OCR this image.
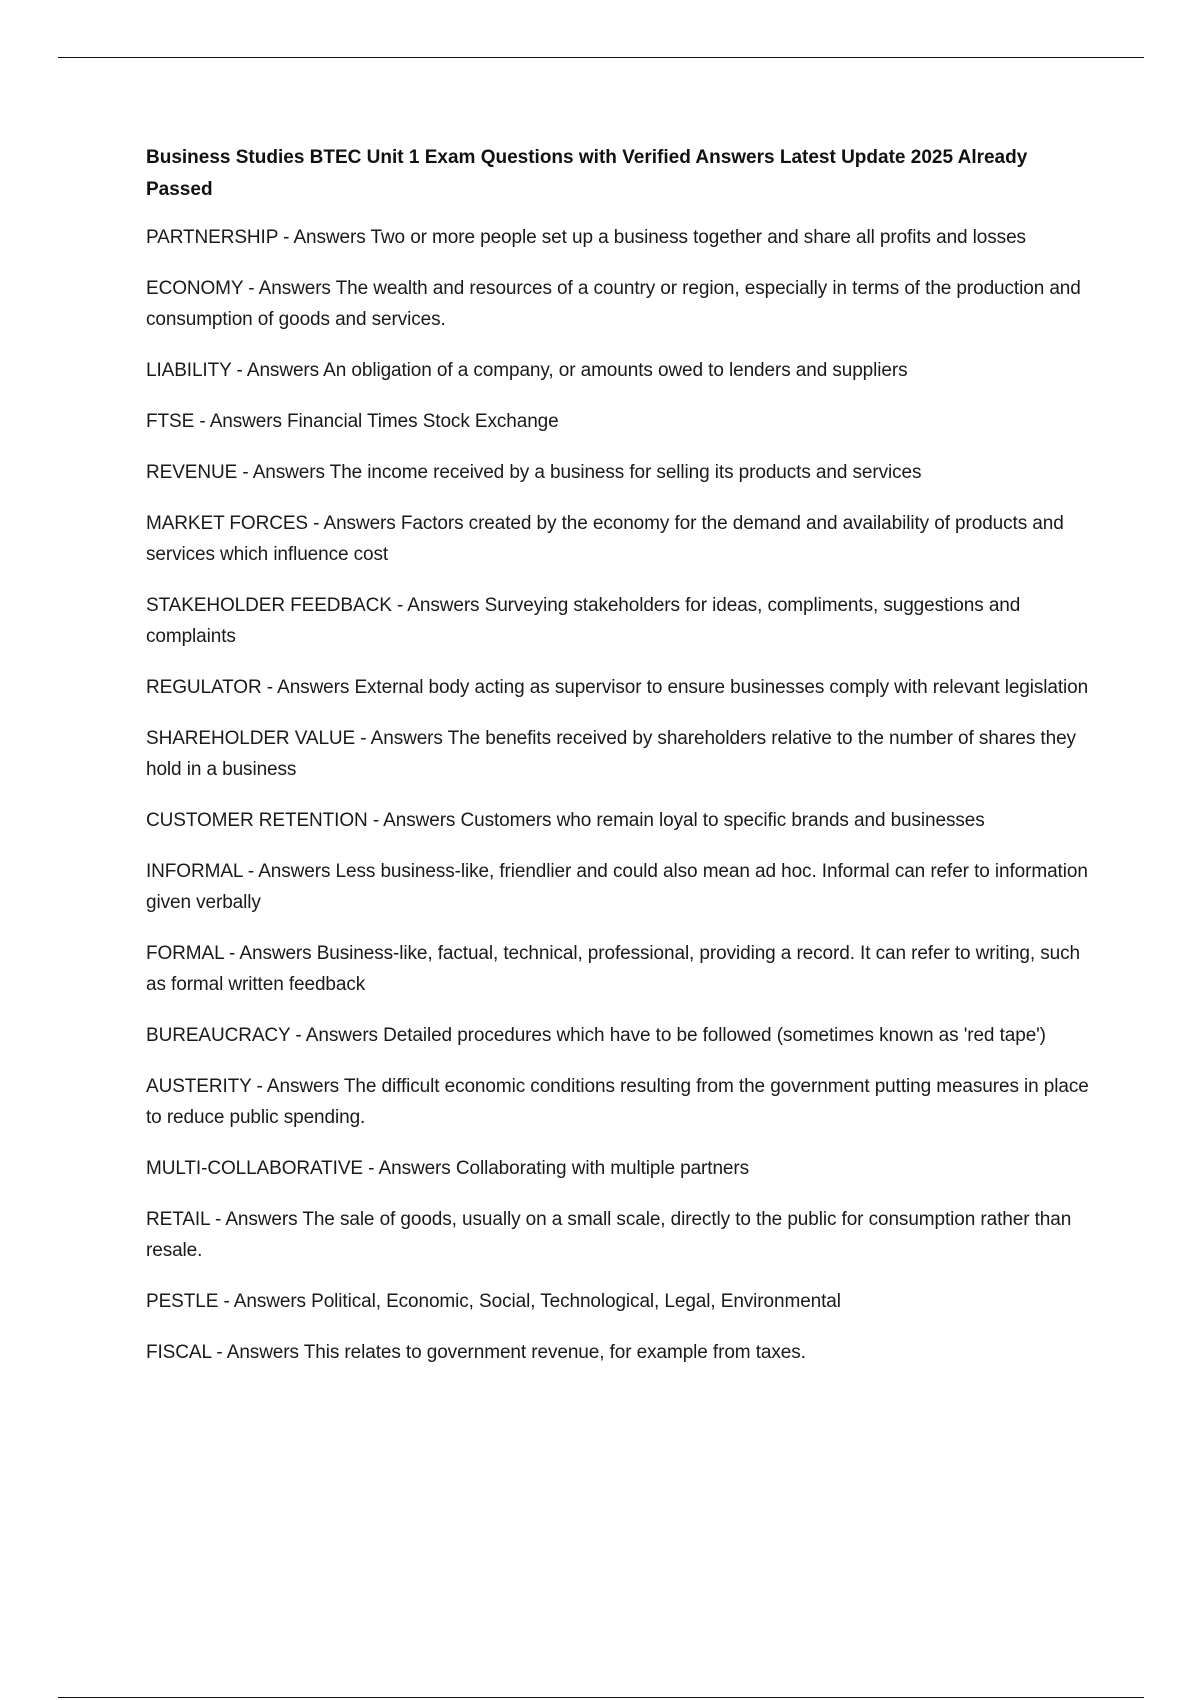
Business Studies BTEC Unit 1 Exam Questions with Verified Answers Latest Update 2025 Already Passed
PARTNERSHIP - Answers Two or more people set up a business together and share all profits and losses
ECONOMY - Answers The wealth and resources of a country or region, especially in terms of the production and consumption of goods and services.
LIABILITY - Answers An obligation of a company, or amounts owed to lenders and suppliers
FTSE - Answers Financial Times Stock Exchange
REVENUE - Answers The income received by a business for selling its products and services
MARKET FORCES - Answers Factors created by the economy for the demand and availability of products and services which influence cost
STAKEHOLDER FEEDBACK - Answers Surveying stakeholders for ideas, compliments, suggestions and complaints
REGULATOR - Answers External body acting as supervisor to ensure businesses comply with relevant legislation
SHAREHOLDER VALUE - Answers The benefits received by shareholders relative to the number of shares they hold in a business
CUSTOMER RETENTION - Answers Customers who remain loyal to specific brands and businesses
INFORMAL - Answers Less business-like, friendlier and could also mean ad hoc. Informal can refer to information given verbally
FORMAL - Answers Business-like, factual, technical, professional, providing a record. It can refer to writing, such as formal written feedback
BUREAUCRACY - Answers Detailed procedures which have to be followed (sometimes known as 'red tape')
AUSTERITY - Answers The difficult economic conditions resulting from the government putting measures in place to reduce public spending.
MULTI-COLLABORATIVE - Answers Collaborating with multiple partners
RETAIL - Answers The sale of goods, usually on a small scale, directly to the public for consumption rather than resale.
PESTLE - Answers Political, Economic, Social, Technological, Legal, Environmental
FISCAL - Answers This relates to government revenue, for example from taxes.
